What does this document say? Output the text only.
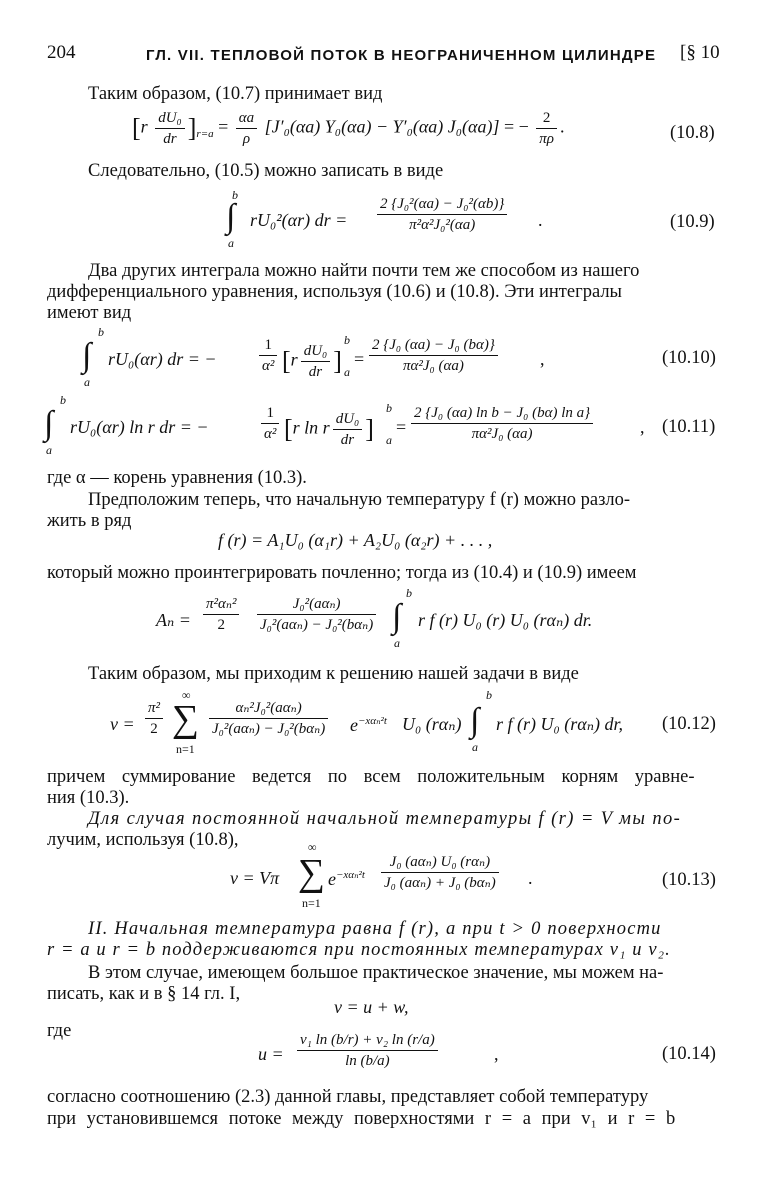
204	ГЛ. VII. ТЕПЛОВОЙ ПОТОК В НЕОГРАНИЧЕННОМ ЦИЛИНДРЕ [§ 10
Таким образом, (10.7) принимает вид
$[r \frac{\text{dU₀}}{dr} ]_{r=a} = \frac{\alpha a}{\rho} [J'_0(\alpha a) Y_0(\alpha a) - Y'_0(\alpha a) J_0(\alpha a)]$ = − $\frac{2}{\pi\rho}$ .	(10.8)
Следовательно, (10.5) можно записать в виде
b
a
∫ rU₀²(αr) dr = $\frac{\text{2 \{J₀²(αa) − J₀²(αb)\}}}{\text{π²α²J₀²(αa)}}$ .	(10.9)
Два других интеграла можно найти почти тем же способом из нашего
дифференциального уравнения, используя (10.6) и (10.8). Эти интегралы
имеют вид
b
a
∫ rU₀(αr) dr = −	$\frac{1}{\text{α²}} [r \frac{\text{dU₀}}{dr}$ ]
b
a
= $\frac{\text{2 \{J₀ (αa) − J₀ (bα)\}}}{\text{πα²J₀ (αa)}}$ ,	(10.10)
b
a
∫ rU₀(αr) ln r dr = −	$\frac{1}{\text{α²}} [r$ ln r $\frac{\text{dU₀}}{dr}$ ]
b
a
= $\frac{\text{2 \{J₀ (αa) ln b − J₀ (bα) ln a\}}}{\text{πα²J₀ (αa)}}$	, (10.11)
где α — корень уравнения (10.3).
Предположим теперь, что начальную температуру f (r) можно разло-
жить в ряд
f (r) = A₁U₀ (α₁r) + A₂U₀ (α₂r) + . . . ,
который можно проинтегрировать почленно; тогда из (10.4) и (10.9) имеем
$A_n = \frac{\text{π²αₙ²}}{2}$	J₀²(aαₙ)
J₀²(aαₙ) − J₀²(bαₙ)
b
a
∫ r f (r) U₀ (r) U₀ (rαₙ) dr.
Таким образом, мы приходим к решению нашей задачи в виде
$v = \frac{\text{π²}}{2}$
∞
∑
n=1
αₙ²J₀²(aαₙ)
J₀²(aαₙ) − J₀²(bαₙ) $e^{-x\alpha_n^2t}$ U₀ (rαₙ)
b
a
∫ r f (r) U₀ (rαₙ) dr, (10.12)
причем суммирование ведется по всем положительным корням уравне-
ния (10.3).
Для случая постоянной начальной температуры f (r) = V мы по-
лучим, используя (10.8),
v = Vπ
∞
∑
n=1
$e^{-x\alpha_n^2t}$
J₀ (aαₙ) U₀ (rαₙ)
J₀ (aαₙ) + J₀ (bαₙ) .	(10.13)
II. Начальная температура равна f (r), а при t > 0 поверхности
r = a и r = b поддерживаются при постоянных температурах v₁ и v₂.
В этом случае, имеющем большое практическое значение, мы можем на-
писать, как и в § 14 гл. I,
v = u + w,
где
$u = \frac{\text{v₁ ln (b/r) + v₂ ln (r/a)}}{\ln (b/a)}$	,	(10.14)
согласно соотношению (2.3) данной главы, представляет собой температуру
при установившемся потоке между поверхностями r = a при v₁ и r = b
